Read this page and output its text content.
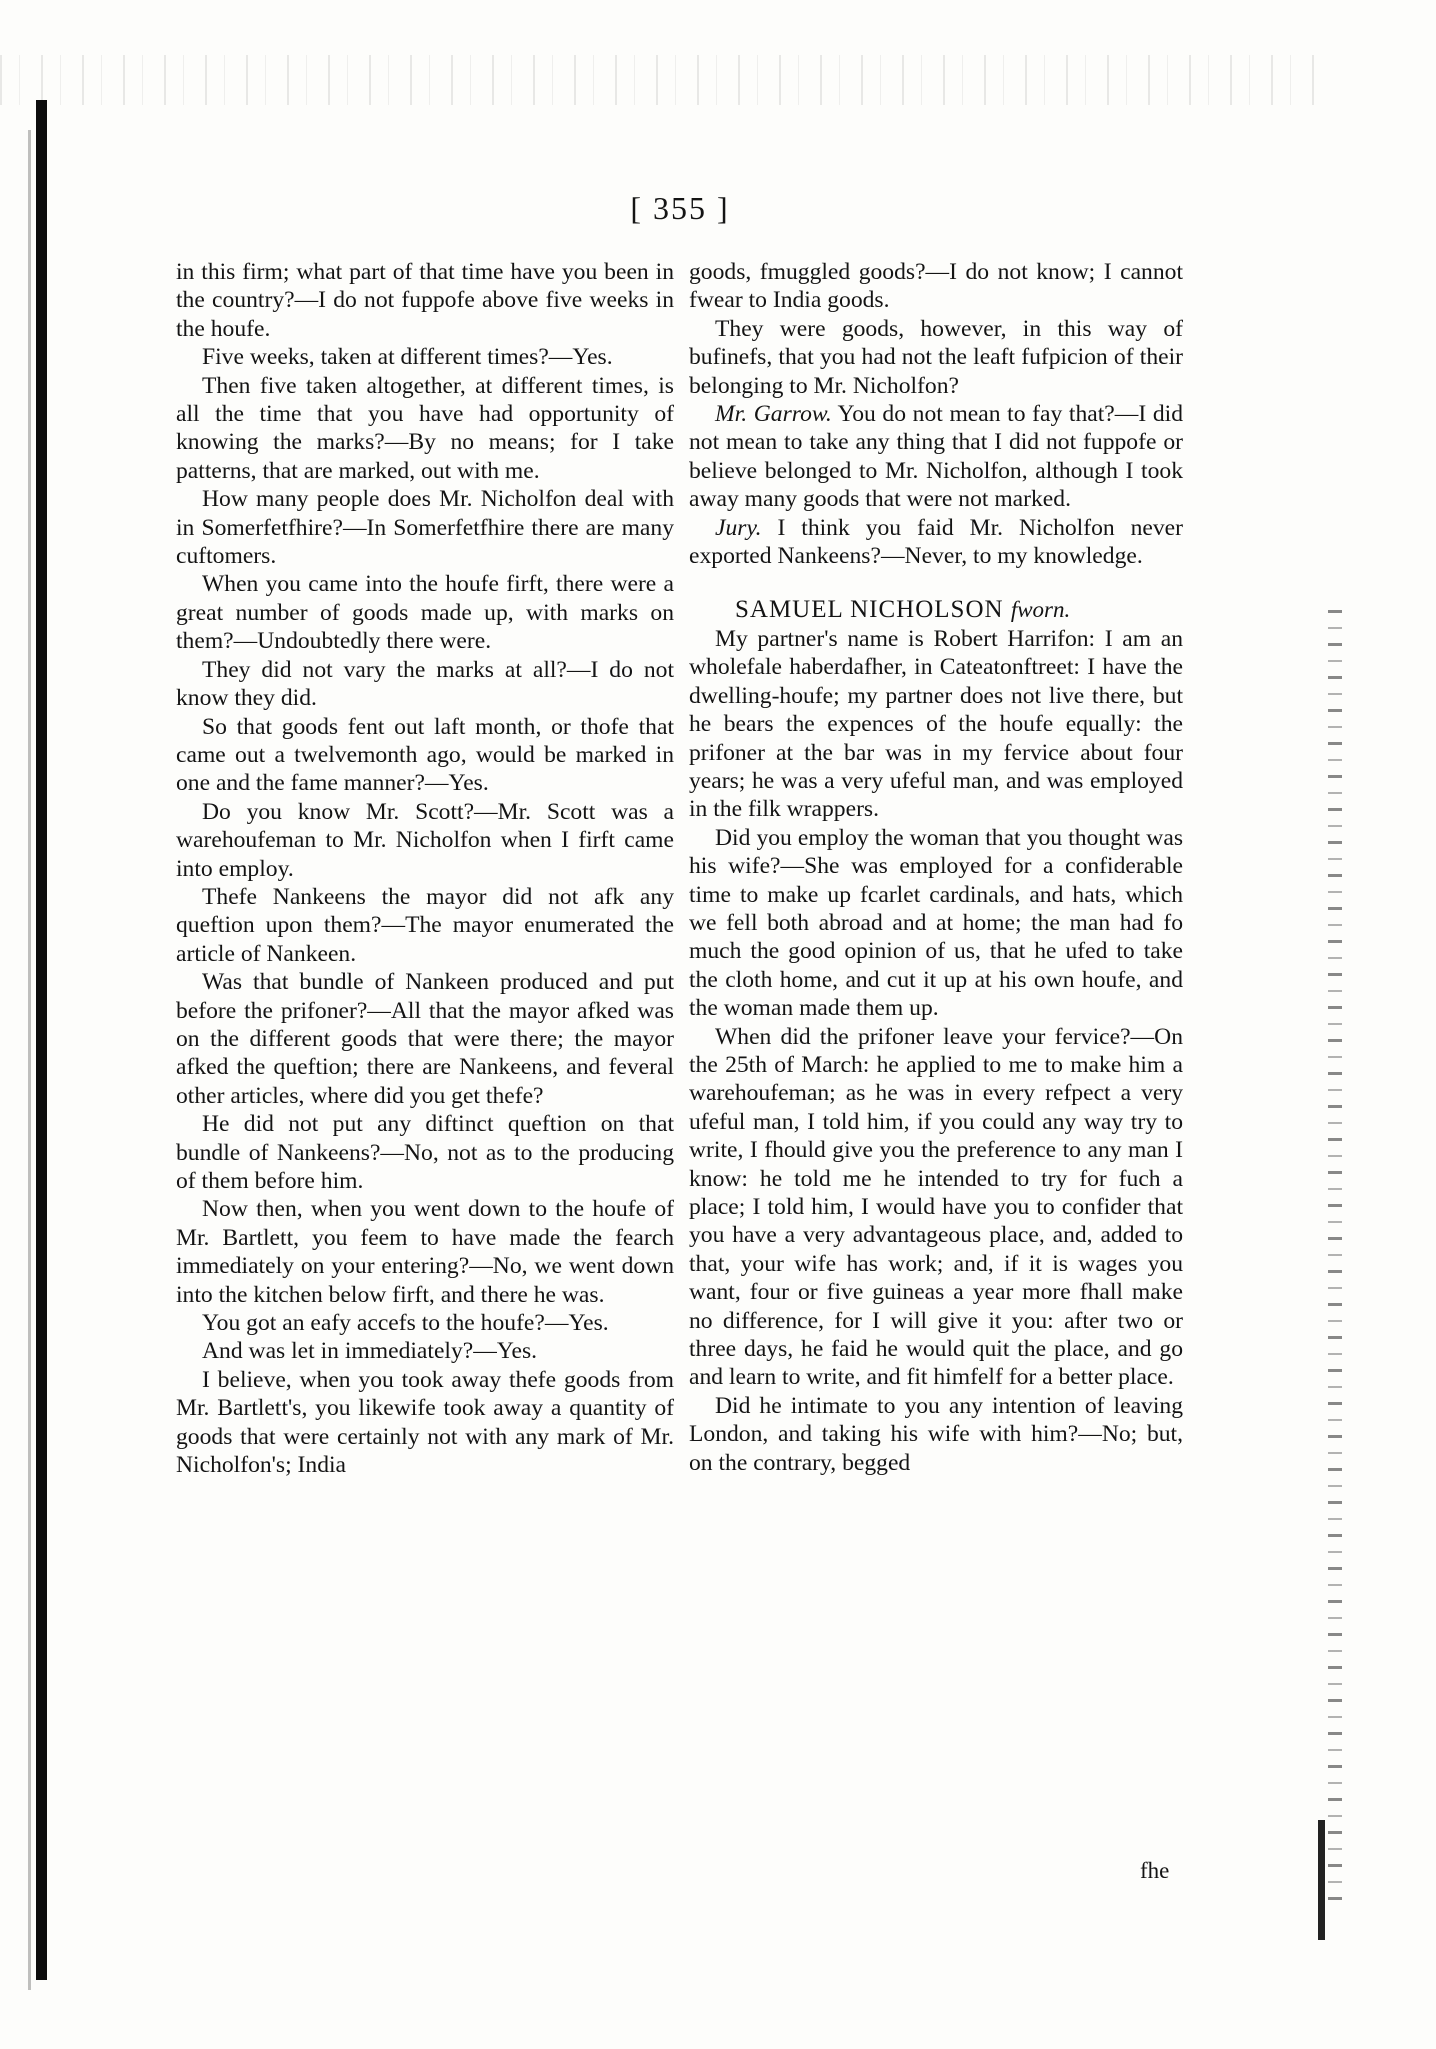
[ 355 ]

in this firm; what part of that time have you been in the country?—I do not fuppofe above five weeks in the houfe.

Five weeks, taken at different times?—Yes.

Then five taken altogether, at different times, is all the time that you have had opportunity of knowing the marks?—By no means; for I take patterns, that are marked, out with me.

How many people does Mr. Nicholfon deal with in Somerfetfhire?—In Somerfetfhire there are many cuftomers.

When you came into the houfe firft, there were a great number of goods made up, with marks on them?—Undoubtedly there were.

They did not vary the marks at all?—I do not know they did.

So that goods fent out laft month, or thofe that came out a twelvemonth ago, would be marked in one and the fame manner?—Yes.

Do you know Mr. Scott?—Mr. Scott was a warehoufeman to Mr. Nicholfon when I firft came into employ.

Thefe Nankeens the mayor did not afk any queftion upon them?—The mayor enumerated the article of Nankeen.

Was that bundle of Nankeen produced and put before the prifoner?—All that the mayor afked was on the different goods that were there; the mayor afked the queftion; there are Nankeens, and feveral other articles, where did you get thefe?

He did not put any diftinct queftion on that bundle of Nankeens?—No, not as to the producing of them before him.

Now then, when you went down to the houfe of Mr. Bartlett, you feem to have made the fearch immediately on your entering?—No, we went down into the kitchen below firft, and there he was.

You got an eafy accefs to the houfe?—Yes.

And was let in immediately?—Yes.

I believe, when you took away thefe goods from Mr. Bartlett's, you likewife took away a quantity of goods that were certainly not with any mark of Mr. Nicholfon's; India

goods, fmuggled goods?—I do not know; I cannot fwear to India goods.

They were goods, however, in this way of bufinefs, that you had not the leaft fufpicion of their belonging to Mr. Nicholfon?

Mr. Garrow. You do not mean to fay that?—I did not mean to take any thing that I did not fuppofe or believe belonged to Mr. Nicholfon, although I took away many goods that were not marked.

Jury. I think you faid Mr. Nicholfon never exported Nankeens?—Never, to my knowledge.

SAMUEL NICHOLSON fworn.

My partner's name is Robert Harrifon: I am an wholefale haberdafher, in Cateatonftreet: I have the dwelling-houfe; my partner does not live there, but he bears the expences of the houfe equally: the prifoner at the bar was in my fervice about four years; he was a very ufeful man, and was employed in the filk wrappers.

Did you employ the woman that you thought was his wife?—She was employed for a confiderable time to make up fcarlet cardinals, and hats, which we fell both abroad and at home; the man had fo much the good opinion of us, that he ufed to take the cloth home, and cut it up at his own houfe, and the woman made them up.

When did the prifoner leave your fervice?—On the 25th of March: he applied to me to make him a warehoufeman; as he was in every refpect a very ufeful man, I told him, if you could any way try to write, I fhould give you the preference to any man I know: he told me he intended to try for fuch a place; I told him, I would have you to confider that you have a very advantageous place, and, added to that, your wife has work; and, if it is wages you want, four or five guineas a year more fhall make no difference, for I will give it you: after two or three days, he faid he would quit the place, and go and learn to write, and fit himfelf for a better place.

Did he intimate to you any intention of leaving London, and taking his wife with him?—No; but, on the contrary, begged

fhe
